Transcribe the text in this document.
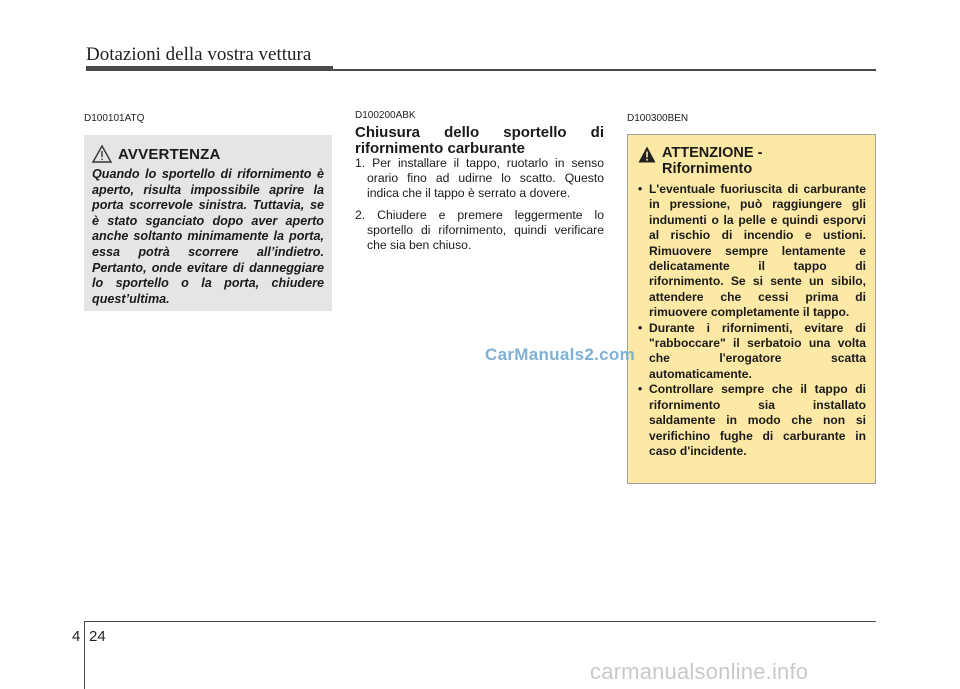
Dotazioni della vostra vettura
D100101ATQ	D100200ABK	D100300BEN
AVVERTENZA
Quando lo sportello di rifornimento è aperto, risulta impossibile aprire la porta scorrevole sinistra. Tuttavia, se è stato sganciato dopo aver aperto anche soltanto minimamente la porta, essa potrà scorrere all’indietro. Pertanto, onde evitare di danneggiare lo sportello o la porta, chiudere quest’ultima.
Chiusura dello sportello di rifornimento carburante
1. Per installare il tappo, ruotarlo in senso orario fino ad udirne lo scatto. Questo indica che il tappo è serrato a dovere.
2. Chiudere e premere leggermente lo sportello di rifornimento, quindi verificare che sia ben chiuso.
ATTENZIONE -
Rifornimento
• L'eventuale fuoriuscita di carburante in pressione, può raggiungere gli indumenti o la pelle e quindi esporvi al rischio di incendio e ustioni. Rimuovere sempre lentamente e delicatamente il tappo di rifornimento. Se si sente un sibilo, attendere che cessi prima di rimuovere completamente il tappo.
• Durante i rifornimenti, evitare di "rabboccare" il serbatoio una volta che l'erogatore scatta automaticamente.
• Controllare sempre che il tappo di rifornimento sia installato saldamente in modo che non si verifichino fughe di carburante in caso d'incidente.
CarManuals2.com
4 24
carmanualsonline.info
